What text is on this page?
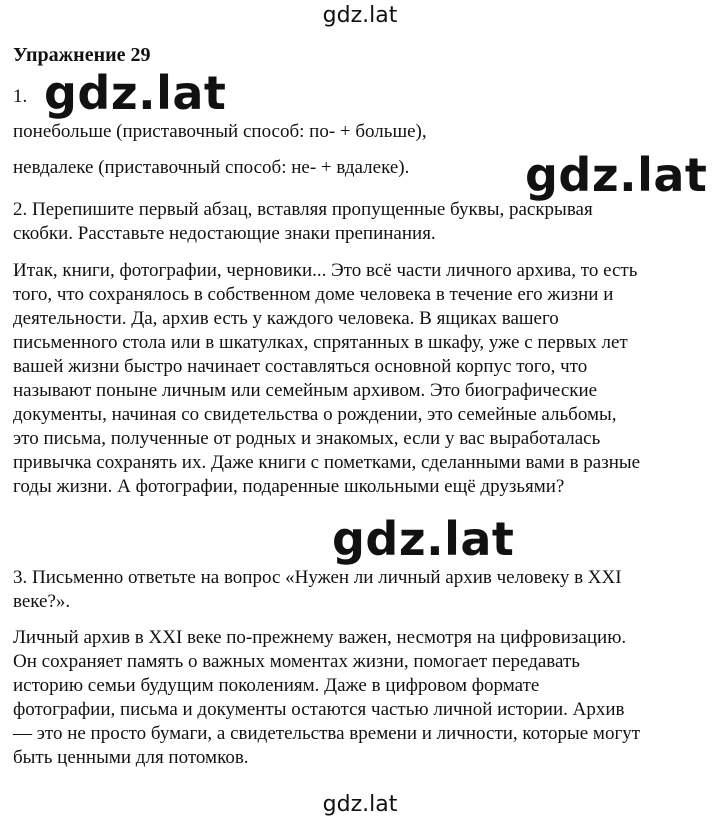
gdz.lat
Упражнение 29
1. gdz.lat
понебольше (приставочный способ: по- + больше),
невдалеке (приставочный способ: не- + вдалеке).	gdz.lat
2. Перепишите первый абзац, вставляя пропущенные буквы, раскрывая
скобки. Расставьте недостающие знаки препинания.
Итак, книги, фотографии, черновики... Это всё части личного архива, то есть
того, что сохранялось в собственном доме человека в течение его жизни и
деятельности. Да, архив есть у каждого человека. В ящиках вашего
письменного стола или в шкатулках, спрятанных в шкафу, уже с первых лет
вашей жизни быстро начинает составляться основной корпус того, что
называют поныне личным или семейным архивом. Это биографические
документы, начиная со свидетельства о рождении, это семейные альбомы,
это письма, полученные от родных и знакомых, если у вас выработалась
привычка сохранять их. Даже книги с пометками, сделанными вами в разные
годы жизни. А фотографии, подаренные школьными ещё друзьями?
gdz.lat
3. Письменно ответьте на вопрос «Нужен ли личный архив человеку в XXI
веке?».
Личный архив в XXI веке по-прежнему важен, несмотря на цифровизацию.
Он сохраняет память о важных моментах жизни, помогает передавать
историю семьи будущим поколениям. Даже в цифровом формате
фотографии, письма и документы остаются частью личной истории. Архив
— это не просто бумаги, а свидетельства времени и личности, которые могут
быть ценными для потомков.
gdz.lat
